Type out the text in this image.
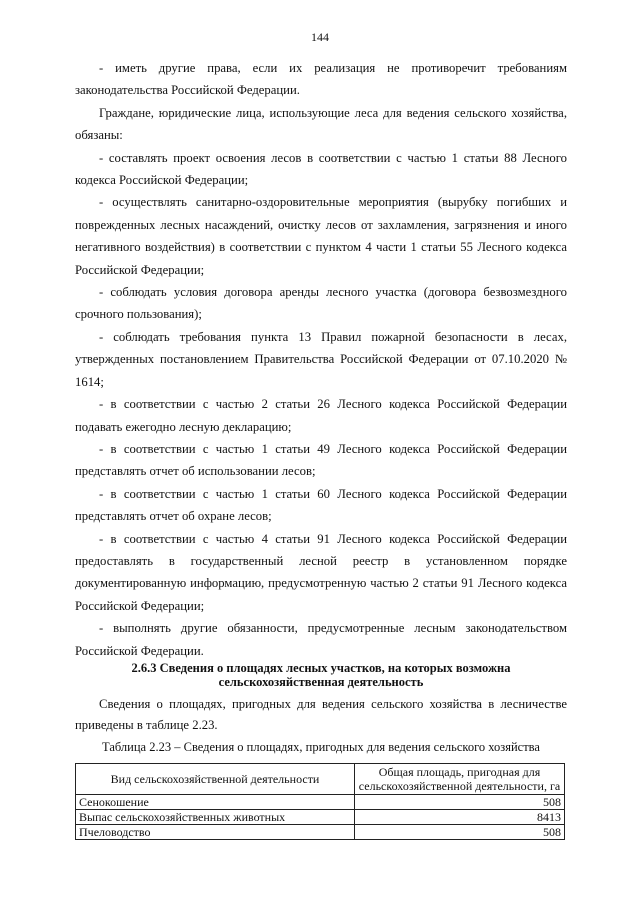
144

- иметь другие права, если их реализация не противоречит требованиям законодательства Российской Федерации.

Граждане, юридические лица, использующие леса для ведения сельского хозяйства, обязаны:

- составлять проект освоения лесов в соответствии с частью 1 статьи 88 Лесного кодекса Российской Федерации;

- осуществлять санитарно-оздоровительные мероприятия (вырубку погибших и поврежденных лесных насаждений, очистку лесов от захламления, загрязнения и иного негативного воздействия) в соответствии с пунктом 4 части 1 статьи 55 Лесного кодекса Российской Федерации;

- соблюдать условия договора аренды лесного участка (договора безвозмездного срочного пользования);

- соблюдать требования пункта 13 Правил пожарной безопасности в лесах, утвержденных постановлением Правительства Российской Федерации от 07.10.2020 № 1614;

- в соответствии с частью 2 статьи 26 Лесного кодекса Российской Федерации подавать ежегодно лесную декларацию;

- в соответствии с частью 1 статьи 49 Лесного кодекса Российской Федерации представлять отчет об использовании лесов;

- в соответствии с частью 1 статьи 60 Лесного кодекса Российской Федерации представлять отчет об охране лесов;

- в соответствии с частью 4 статьи 91 Лесного кодекса Российской Федерации предоставлять в государственный лесной реестр в установленном порядке документированную информацию, предусмотренную частью 2 статьи 91 Лесного кодекса Российской Федерации;

- выполнять другие обязанности, предусмотренные лесным законодательством Российской Федерации.

2.6.3 Сведения о площадях лесных участков, на которых возможна сельскохозяйственная деятельность

Сведения о площадях, пригодных для ведения сельского хозяйства в лесничестве приведены в таблице 2.23.

Таблица 2.23 – Сведения о площадях, пригодных для ведения сельского хозяйства
Вид сельскохозяйственной деятельности	Общая площадь, пригодная для сельскохозяйственной деятельности, га
Сенокошение	508
Выпас сельскохозяйственных животных	8413
Пчеловодство	508
